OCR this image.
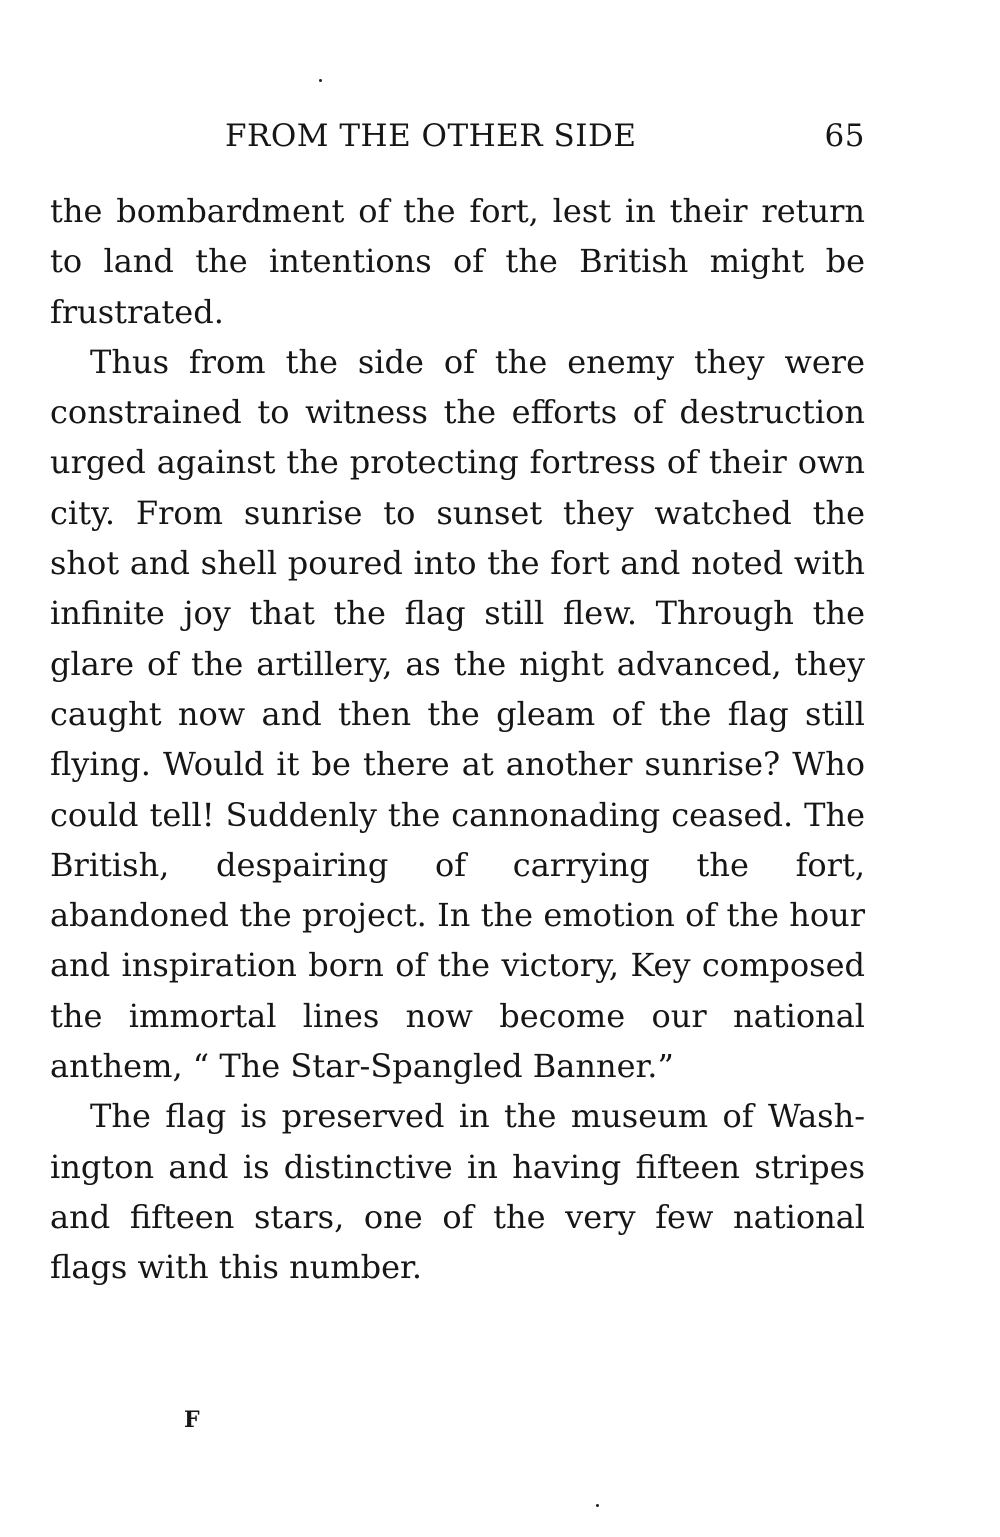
FROM THE OTHER SIDE	65

the bombardment of the fort, lest in their return to land the intentions of the British might be frustrated.

Thus from the side of the enemy they were constrained to witness the efforts of destruction urged against the protecting fortress of their own city. From sunrise to sunset they watched the shot and shell poured into the fort and noted with infinite joy that the flag still flew. Through the glare of the artillery, as the night advanced, they caught now and then the gleam of the flag still flying. Would it be there at another sunrise? Who could tell! Suddenly the cannonading ceased. The British, despairing of carrying the fort, abandoned the project. In the emotion of the hour and inspiration born of the victory, Key composed the immortal lines now become our national anthem, “ The Star-Spangled Banner.”

The flag is preserved in the museum of Washington and is distinctive in having fifteen stripes and fifteen stars, one of the very few national flags with this number.

F
